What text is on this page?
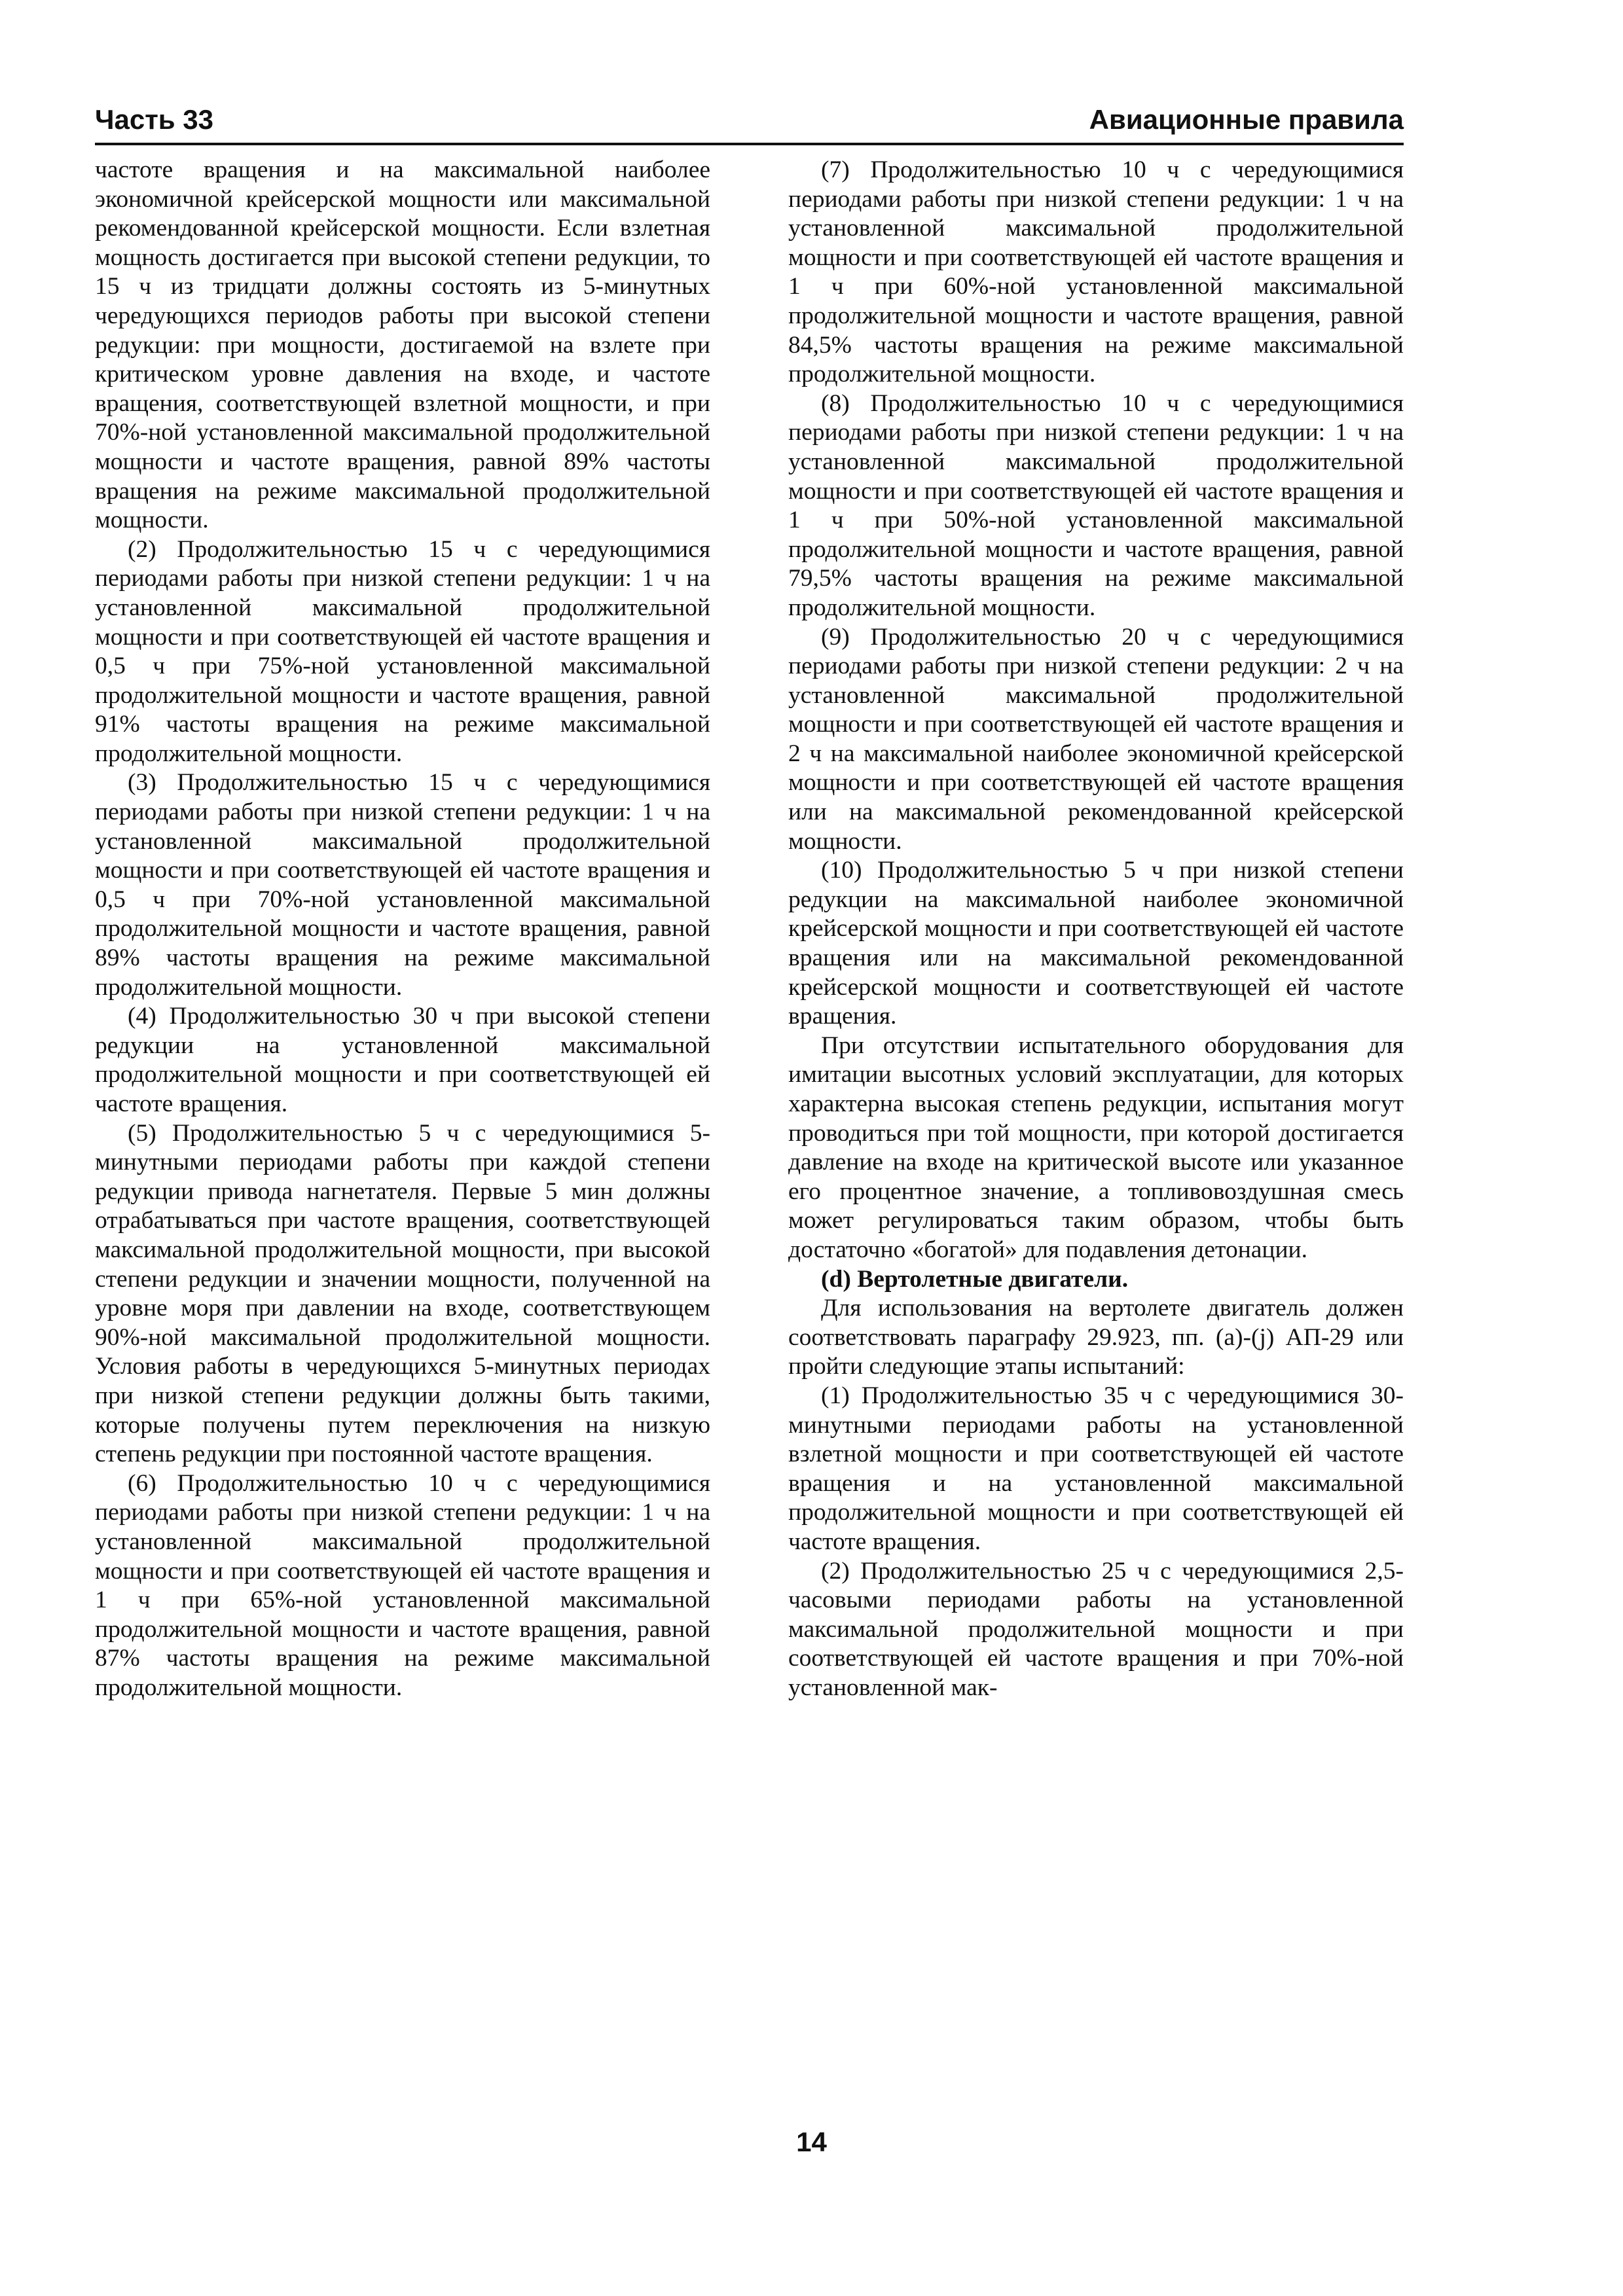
Часть 33	Авиационные правила

частоте вращения и на максимальной наиболее экономичной крейсерской мощности или максимальной рекомендованной крейсерской мощности. Если взлетная мощность достигается при высокой степени редукции, то 15 ч из тридцати должны состоять из 5-минутных чередующихся периодов работы при высокой степени редукции: при мощности, достигаемой на взлете при критическом уровне давления на входе, и частоте вращения, соответствующей взлетной мощности, и при 70%-ной установленной максимальной продолжительной мощности и частоте вращения, равной 89% частоты вращения на режиме максимальной продолжительной мощности.

(2) Продолжительностью 15 ч с чередующимися периодами работы при низкой степени редукции: 1 ч на установленной максимальной продолжительной мощности и при соответствующей ей частоте вращения и 0,5 ч при 75%-ной установленной максимальной продолжительной мощности и частоте вращения, равной 91% частоты вращения на режиме максимальной продолжительной мощности.

(3) Продолжительностью 15 ч с чередующимися периодами работы при низкой степени редукции: 1 ч на установленной максимальной продолжительной мощности и при соответствующей ей частоте вращения и 0,5 ч при 70%-ной установленной максимальной продолжительной мощности и частоте вращения, равной 89% частоты вращения на режиме максимальной продолжительной мощности.

(4) Продолжительностью 30 ч при высокой степени редукции на установленной максимальной продолжительной мощности и при соответствующей ей частоте вращения.

(5) Продолжительностью 5 ч с чередующимися 5-минутными периодами работы при каждой степени редукции привода нагнетателя. Первые 5 мин должны отрабатываться при частоте вращения, соответствующей максимальной продолжительной мощности, при высокой степени редукции и значении мощности, полученной на уровне моря при давлении на входе, соответствующем 90%-ной максимальной продолжительной мощности. Условия работы в чередующихся 5-минутных периодах при низкой степени редукции должны быть такими, которые получены путем переключения на низкую степень редукции при постоянной частоте вращения.

(6) Продолжительностью 10 ч с чередующимися периодами работы при низкой степени редукции: 1 ч на установленной максимальной продолжительной мощности и при соответствующей ей частоте вращения и 1 ч при 65%-ной установленной максимальной продолжительной мощности и частоте вращения, равной 87% частоты вращения на режиме максимальной продолжительной мощности.

(7) Продолжительностью 10 ч с чередующимися периодами работы при низкой степени редукции: 1 ч на установленной максимальной продолжительной мощности и при соответствующей ей частоте вращения и 1 ч при 60%-ной установленной максимальной продолжительной мощности и частоте вращения, равной 84,5% частоты вращения на режиме максимальной продолжительной мощности.

(8) Продолжительностью 10 ч с чередующимися периодами работы при низкой степени редукции: 1 ч на установленной максимальной продолжительной мощности и при соответствующей ей частоте вращения и 1 ч при 50%-ной установленной максимальной продолжительной мощности и частоте вращения, равной 79,5% частоты вращения на режиме максимальной продолжительной мощности.

(9) Продолжительностью 20 ч с чередующимися периодами работы при низкой степени редукции: 2 ч на установленной максимальной продолжительной мощности и при соответствующей ей частоте вращения и 2 ч на максимальной наиболее экономичной крейсерской мощности и при соответствующей ей частоте вращения или на максимальной рекомендованной крейсерской мощности.

(10) Продолжительностью 5 ч при низкой степени редукции на максимальной наиболее экономичной крейсерской мощности и при соответствующей ей частоте вращения или на максимальной рекомендованной крейсерской мощности и соответствующей ей частоте вращения.

При отсутствии испытательного оборудования для имитации высотных условий эксплуатации, для которых характерна высокая степень редукции, испытания могут проводиться при той мощности, при которой достигается давление на входе на критической высоте или указанное его процентное значение, а топливовоздушная смесь может регулироваться таким образом, чтобы быть достаточно «богатой» для подавления детонации.

(d) Вертолетные двигатели.

Для использования на вертолете двигатель должен соответствовать параграфу 29.923, пп. (a)-(j) АП-29 или пройти следующие этапы испытаний:

(1) Продолжительностью 35 ч с чередующимися 30-минутными периодами работы на установленной взлетной мощности и при соответствующей ей частоте вращения и на установленной максимальной продолжительной мощности и при соответствующей ей частоте вращения.

(2) Продолжительностью 25 ч с чередующимися 2,5-часовыми периодами работы на установленной максимальной продолжительной мощности и при соответствующей ей частоте вращения и при 70%-ной установленной мак-

14
